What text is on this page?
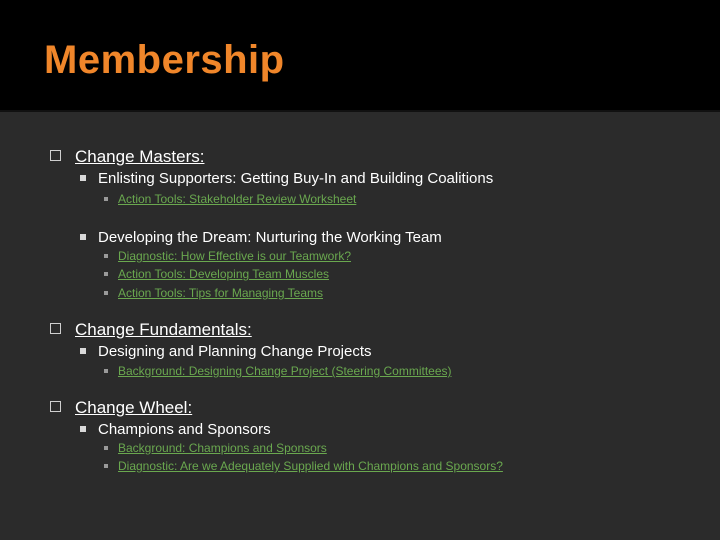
Membership
Change Masters:
Enlisting Supporters: Getting Buy-In and Building Coalitions
Action Tools: Stakeholder Review Worksheet
Developing the Dream: Nurturing the Working Team
Diagnostic: How Effective is our Teamwork?
Action Tools: Developing Team Muscles
Action Tools: Tips for Managing Teams
Change Fundamentals:
Designing and Planning Change Projects
Background: Designing Change Project (Steering Committees)
Change Wheel:
Champions and Sponsors
Background: Champions and Sponsors
Diagnostic: Are we Adequately Supplied with Champions and Sponsors?
